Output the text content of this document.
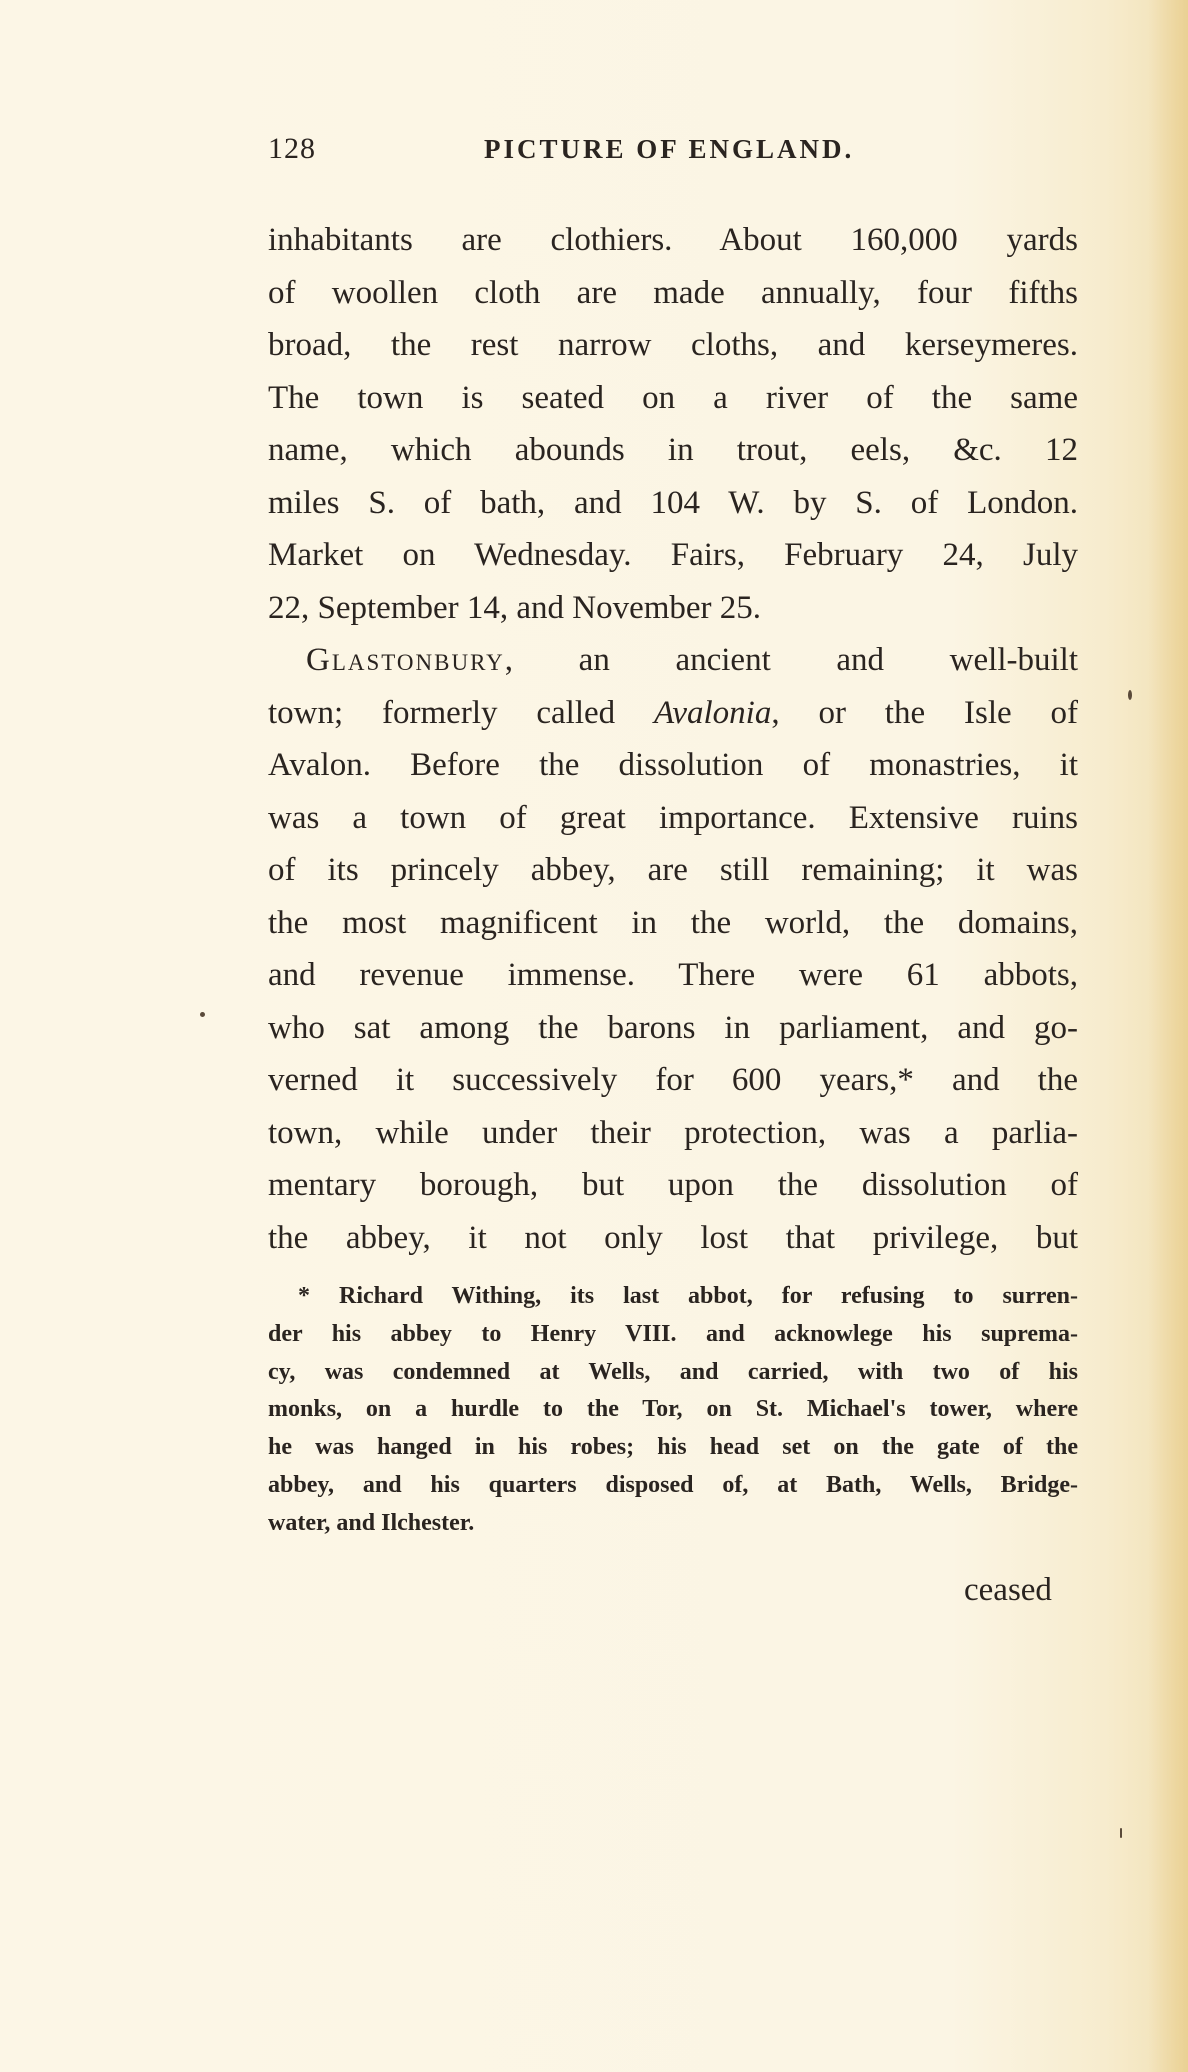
128	PICTURE OF ENGLAND.
inhabitants are clothiers. About 160,000 yards
of woollen cloth are made annually, four fifths
broad, the rest narrow cloths, and kerseymeres.
The town is seated on a river of the same
name, which abounds in trout, eels, &c. 12
miles S. of bath, and 104 W. by S. of London.
Market on Wednesday. Fairs, February 24, July
22, September 14, and November 25.
Glastonbury, an ancient and well-built
town; formerly called Avalonia, or the Isle of
Avalon. Before the dissolution of monastries, it
was a town of great importance. Extensive ruins
of its princely abbey, are still remaining; it was
the most magnificent in the world, the domains,
and revenue immense. There were 61 abbots,
who sat among the barons in parliament, and go-
verned it successively for 600 years,* and the
town, while under their protection, was a parlia-
mentary borough, but upon the dissolution of
the abbey, it not only lost that privilege, but
* Richard Withing, its last abbot, for refusing to surren-
der his abbey to Henry VIII. and acknowlege his suprema-
cy, was condemned at Wells, and carried, with two of his
monks, on a hurdle to the Tor, on St. Michael's tower, where
he was hanged in his robes; his head set on the gate of the
abbey, and his quarters disposed of, at Bath, Wells, Bridge-
water, and Ilchester.
ceased
